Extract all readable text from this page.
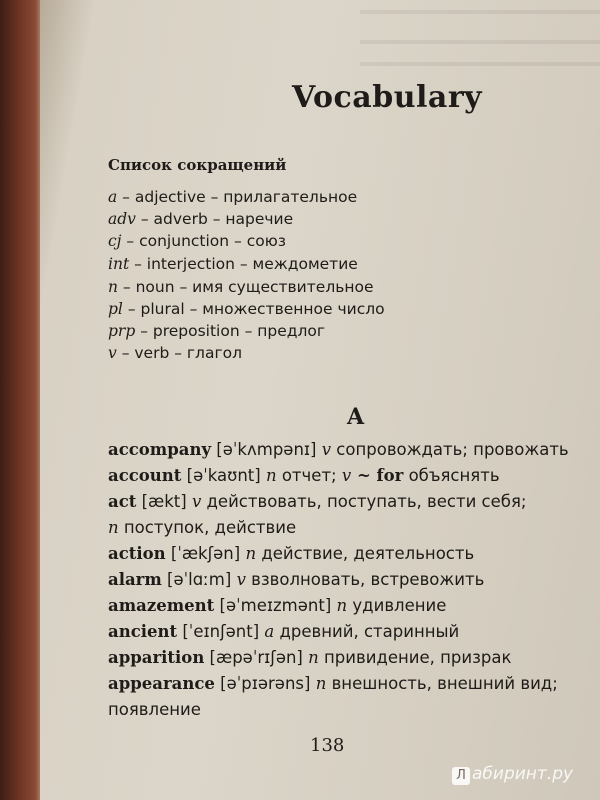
Vocabulary
Список сокращений
a – adjective – прилагательное
adv – adverb – наречие
cj – conjunction – союз
int – interjection – междометие
n – noun – имя существительное
pl – plural – множественное число
prp – preposition – предлог
v – verb – глагол
A
accompany [əˈkʌmpənɪ] v сопровождать; провожать
account [əˈkaʊnt] n отчет; v ~ for объяснять
act [ækt] v действовать, поступать, вести себя;
n поступок, действие
action [ˈækʃən] n действие, деятельность
alarm [əˈlɑːm] v взволновать, встревожить
amazement [əˈmeɪzmənt] n удивление
ancient [ˈeɪnʃənt] a древний, старинный
apparition [æpəˈrɪʃən] n привидение, призрак
appearance [əˈpɪərəns] n внешность, внешний вид;
появление
138
Л абиринт.ру
